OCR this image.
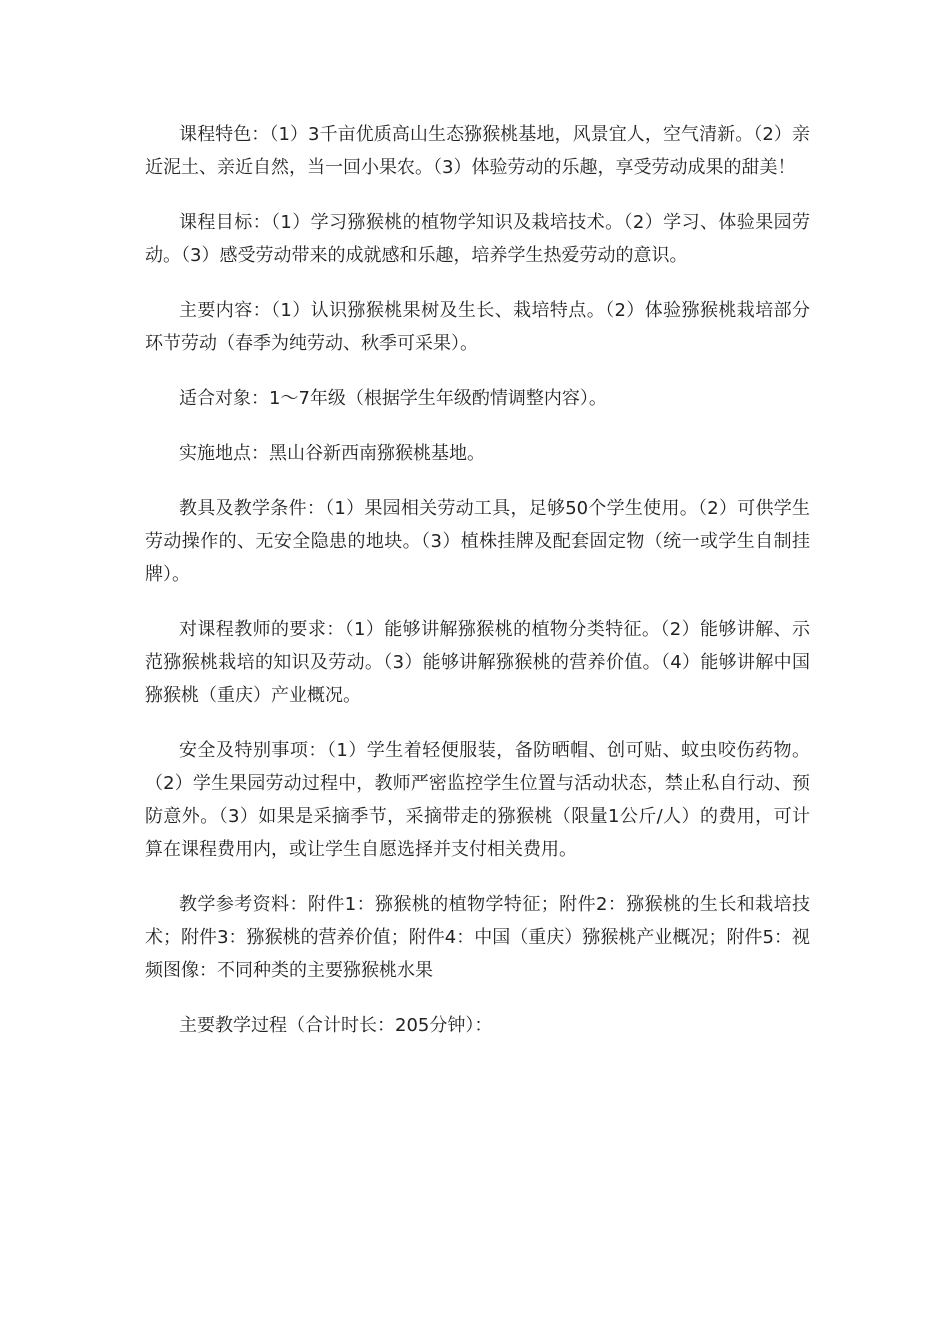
课程特色：（1）3千亩优质高山生态猕猴桃基地，风景宜人，空气清新。（2）亲近泥土、亲近自然，当一回小果农。（3）体验劳动的乐趣，享受劳动成果的甜美！

课程目标：（1）学习猕猴桃的植物学知识及栽培技术。（2）学习、体验果园劳动。（3）感受劳动带来的成就感和乐趣，培养学生热爱劳动的意识。

主要内容：（1）认识猕猴桃果树及生长、栽培特点。（2）体验猕猴桃栽培部分环节劳动（春季为纯劳动、秋季可采果）。

适合对象：1～7年级（根据学生年级酌情调整内容）。

实施地点：黑山谷新西南猕猴桃基地。

教具及教学条件：（1）果园相关劳动工具，足够50个学生使用。（2）可供学生劳动操作的、无安全隐患的地块。（3）植株挂牌及配套固定物（统一或学生自制挂牌）。

对课程教师的要求：（1）能够讲解猕猴桃的植物分类特征。（2）能够讲解、示范猕猴桃栽培的知识及劳动。（3）能够讲解猕猴桃的营养价值。（4）能够讲解中国猕猴桃（重庆）产业概况。

安全及特别事项：（1）学生着轻便服装，备防晒帽、创可贴、蚊虫咬伤药物。（2）学生果园劳动过程中，教师严密监控学生位置与活动状态，禁止私自行动、预防意外。（3）如果是采摘季节，采摘带走的猕猴桃（限量1公斤/人）的费用，可计算在课程费用内，或让学生自愿选择并支付相关费用。

教学参考资料：附件1：猕猴桃的植物学特征；附件2：猕猴桃的生长和栽培技术；附件3：猕猴桃的营养价值；附件4：中国（重庆）猕猴桃产业概况；附件5：视频图像：不同种类的主要猕猴桃水果

主要教学过程（合计时长：205分钟）：
